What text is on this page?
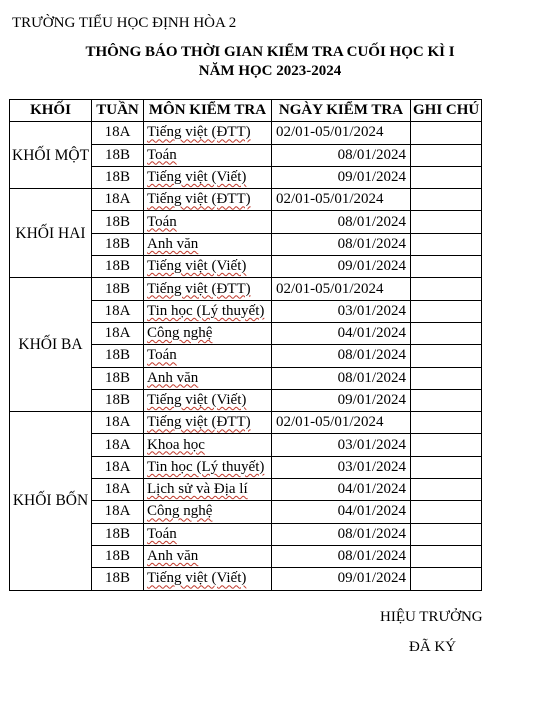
TRƯỜNG TIỂU HỌC ĐỊNH HÒA 2
THÔNG BÁO THỜI GIAN KIỂM TRA CUỐI HỌC KÌ I
NĂM HỌC 2023-2024
KHỐI	TUẦN	MÔN KIỂM TRA	NGÀY KIỂM TRA	GHI CHÚ
KHỐI MỘT	18A	Tiếng việt (ĐTT)	02/01-05/01/2024	
	18B	Toán	08/01/2024	
	18B	Tiếng việt (Viết)	09/01/2024	
KHỐI HAI	18A	Tiếng việt (ĐTT)	02/01-05/01/2024	
	18B	Toán	08/01/2024	
	18B	Anh văn	08/01/2024	
	18B	Tiếng việt (Viết)	09/01/2024	
KHỐI BA	18B	Tiếng việt (ĐTT)	02/01-05/01/2024	
	18A	Tin học (Lý thuyết)	03/01/2024	
	18A	Công nghệ	04/01/2024	
	18B	Toán	08/01/2024	
	18B	Anh văn	08/01/2024	
	18B	Tiếng việt (Viết)	09/01/2024	
KHỐI BỐN	18A	Tiếng việt (ĐTT)	02/01-05/01/2024	
	18A	Khoa học	03/01/2024	
	18A	Tin học (Lý thuyết)	03/01/2024	
	18A	Lịch sử và Địa lí	04/01/2024	
	18A	Công nghệ	04/01/2024	
	18B	Toán	08/01/2024	
	18B	Anh văn	08/01/2024	
	18B	Tiếng việt (Viết)	09/01/2024	
HIỆU TRƯỞNG
ĐÃ KÝ
